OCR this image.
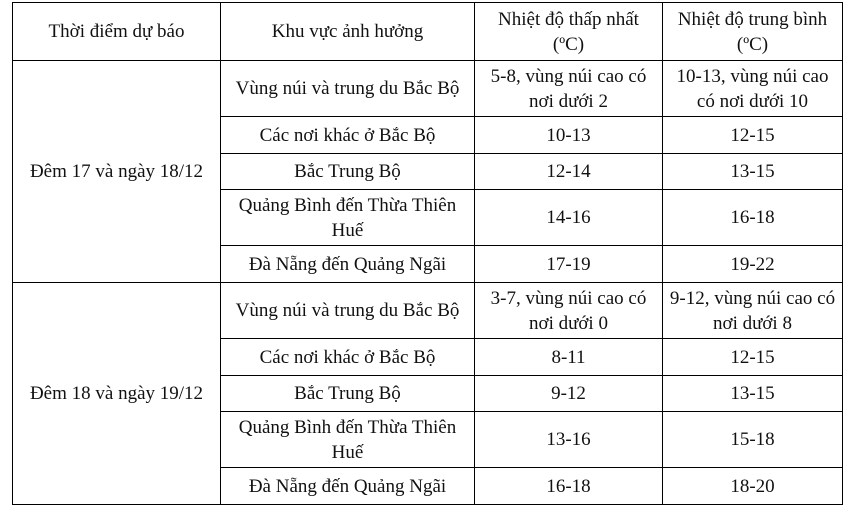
Thời điểm dự báo	Khu vực ảnh hưởng	Nhiệt độ thấp nhất (ºC)	Nhiệt độ trung bình (ºC)
Đêm 17 và ngày 18/12	Vùng núi và trung du Bắc Bộ	5-8, vùng núi cao có nơi dưới 2	10-13, vùng núi cao có nơi dưới 10
	Các nơi khác ở Bắc Bộ	10-13	12-15
	Bắc Trung Bộ	12-14	13-15
	Quảng Bình đến Thừa Thiên Huế	14-16	16-18
	Đà Nẵng đến Quảng Ngãi	17-19	19-22
Đêm 18 và ngày 19/12	Vùng núi và trung du Bắc Bộ	3-7, vùng núi cao có nơi dưới 0	9-12, vùng núi cao có nơi dưới 8
	Các nơi khác ở Bắc Bộ	8-11	12-15
	Bắc Trung Bộ	9-12	13-15
	Quảng Bình đến Thừa Thiên Huế	13-16	15-18
	Đà Nẵng đến Quảng Ngãi	16-18	18-20
